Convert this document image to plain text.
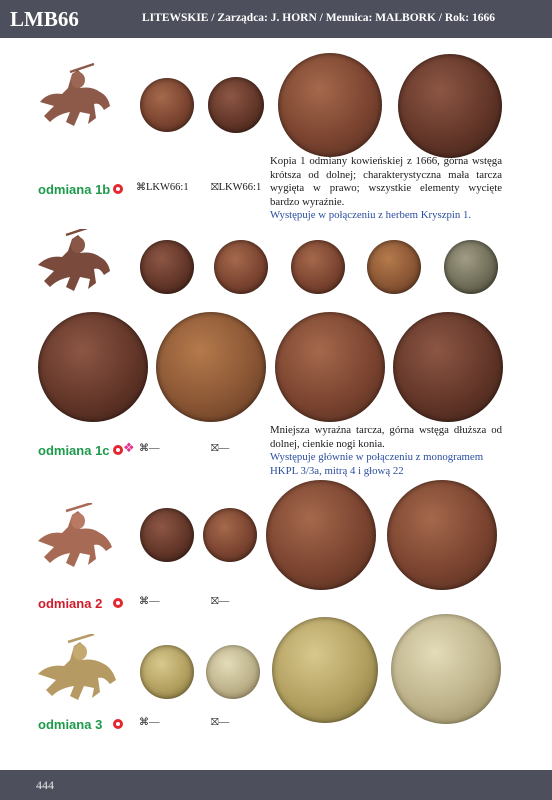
LMB66	LITEWSKIE / Zarządca: J. HORN / Mennica: MALBORK / Rok: 1666
odmiana 1b	⌘LKW66:1 ⛝LKW66:1
Kopia 1 odmiany kowieńskiej z 1666, górna wstęga krótsza od dolnej; charakterystyczna mała tarcza wygięta w prawo; wszystkie elementy wycięte bardzo wyraźnie.
Występuje w połączeniu z herbem Kryszpin 1.
odmiana 1c ❖ ⌘—	⛝—
Mniejsza wyraźna tarcza, górna wstęga dłuższa od dolnej, cienkie nogi konia.
Występuje głównie w połączeniu z monogramem HKPL 3/3a, mitrą 4 i głową 22
odmiana 2	⌘—	⛝—
odmiana 3	⌘—	⛝—
444
